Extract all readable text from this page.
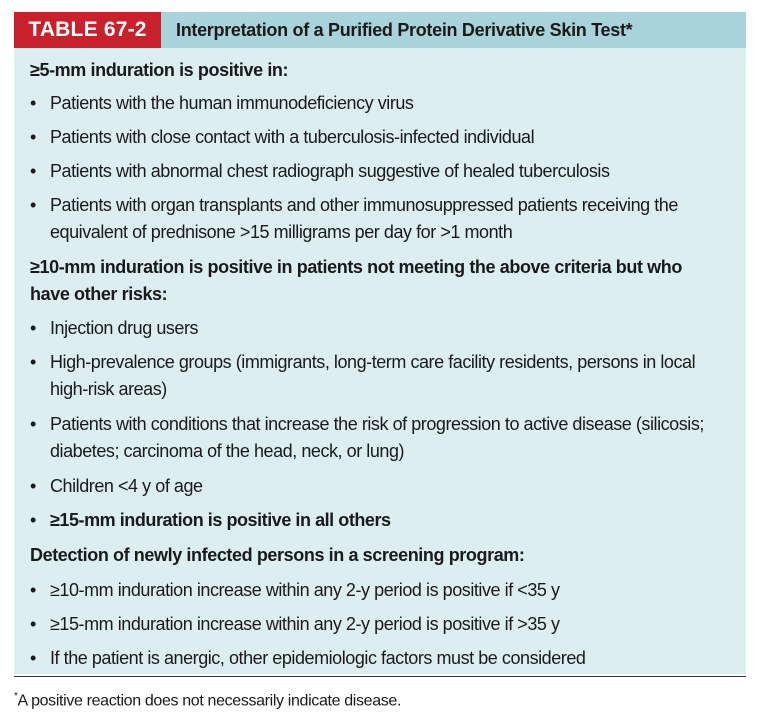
TABLE 67-2	Interpretation of a Purified Protein Derivative Skin Test*
≥5-mm induration is positive in:
• Patients with the human immunodeficiency virus
• Patients with close contact with a tuberculosis-infected individual
• Patients with abnormal chest radiograph suggestive of healed tuberculosis
• Patients with organ transplants and other immunosuppressed patients receiving the
equivalent of prednisone >15 milligrams per day for >1 month
≥10-mm induration is positive in patients not meeting the above criteria but who
have other risks:
• Injection drug users
• High-prevalence groups (immigrants, long-term care facility residents, persons in local
high-risk areas)
• Patients with conditions that increase the risk of progression to active disease (silicosis;
diabetes; carcinoma of the head, neck, or lung)
• Children <4 y of age
• ≥15-mm induration is positive in all others
Detection of newly infected persons in a screening program:
• ≥10-mm induration increase within any 2-y period is positive if <35 y
• ≥15-mm induration increase within any 2-y period is positive if >35 y
• If the patient is anergic, other epidemiologic factors must be considered
*A positive reaction does not necessarily indicate disease.
